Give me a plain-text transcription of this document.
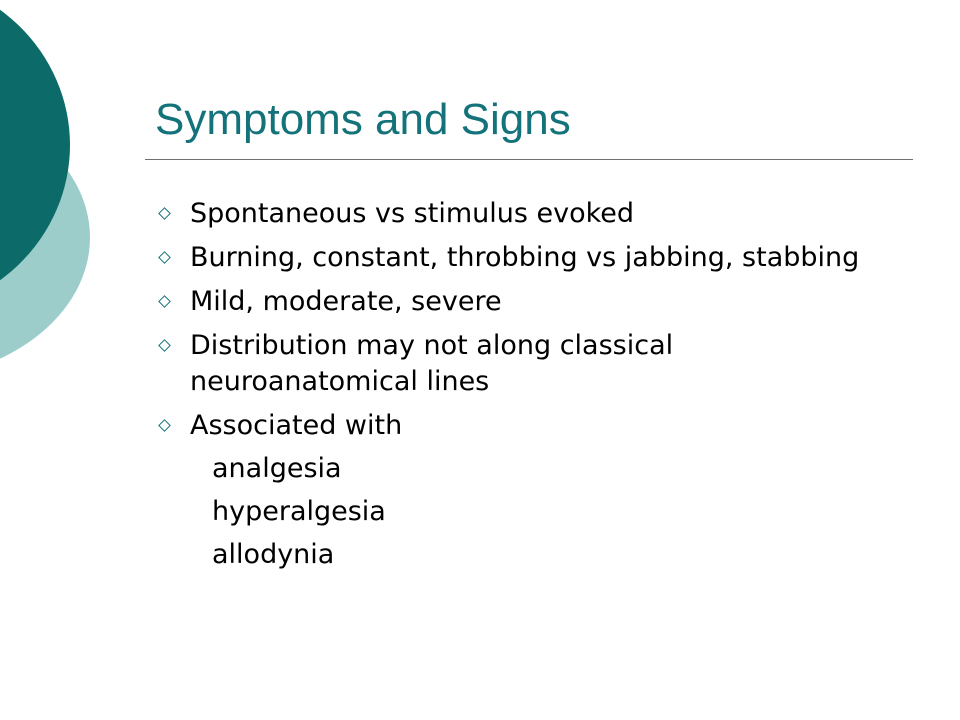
Symptoms and Signs
Spontaneous vs stimulus evoked
Burning, constant, throbbing vs jabbing, stabbing
Mild, moderate, severe
Distribution may not along classical neuroanatomical lines
Associated with
analgesia
hyperalgesia
allodynia
